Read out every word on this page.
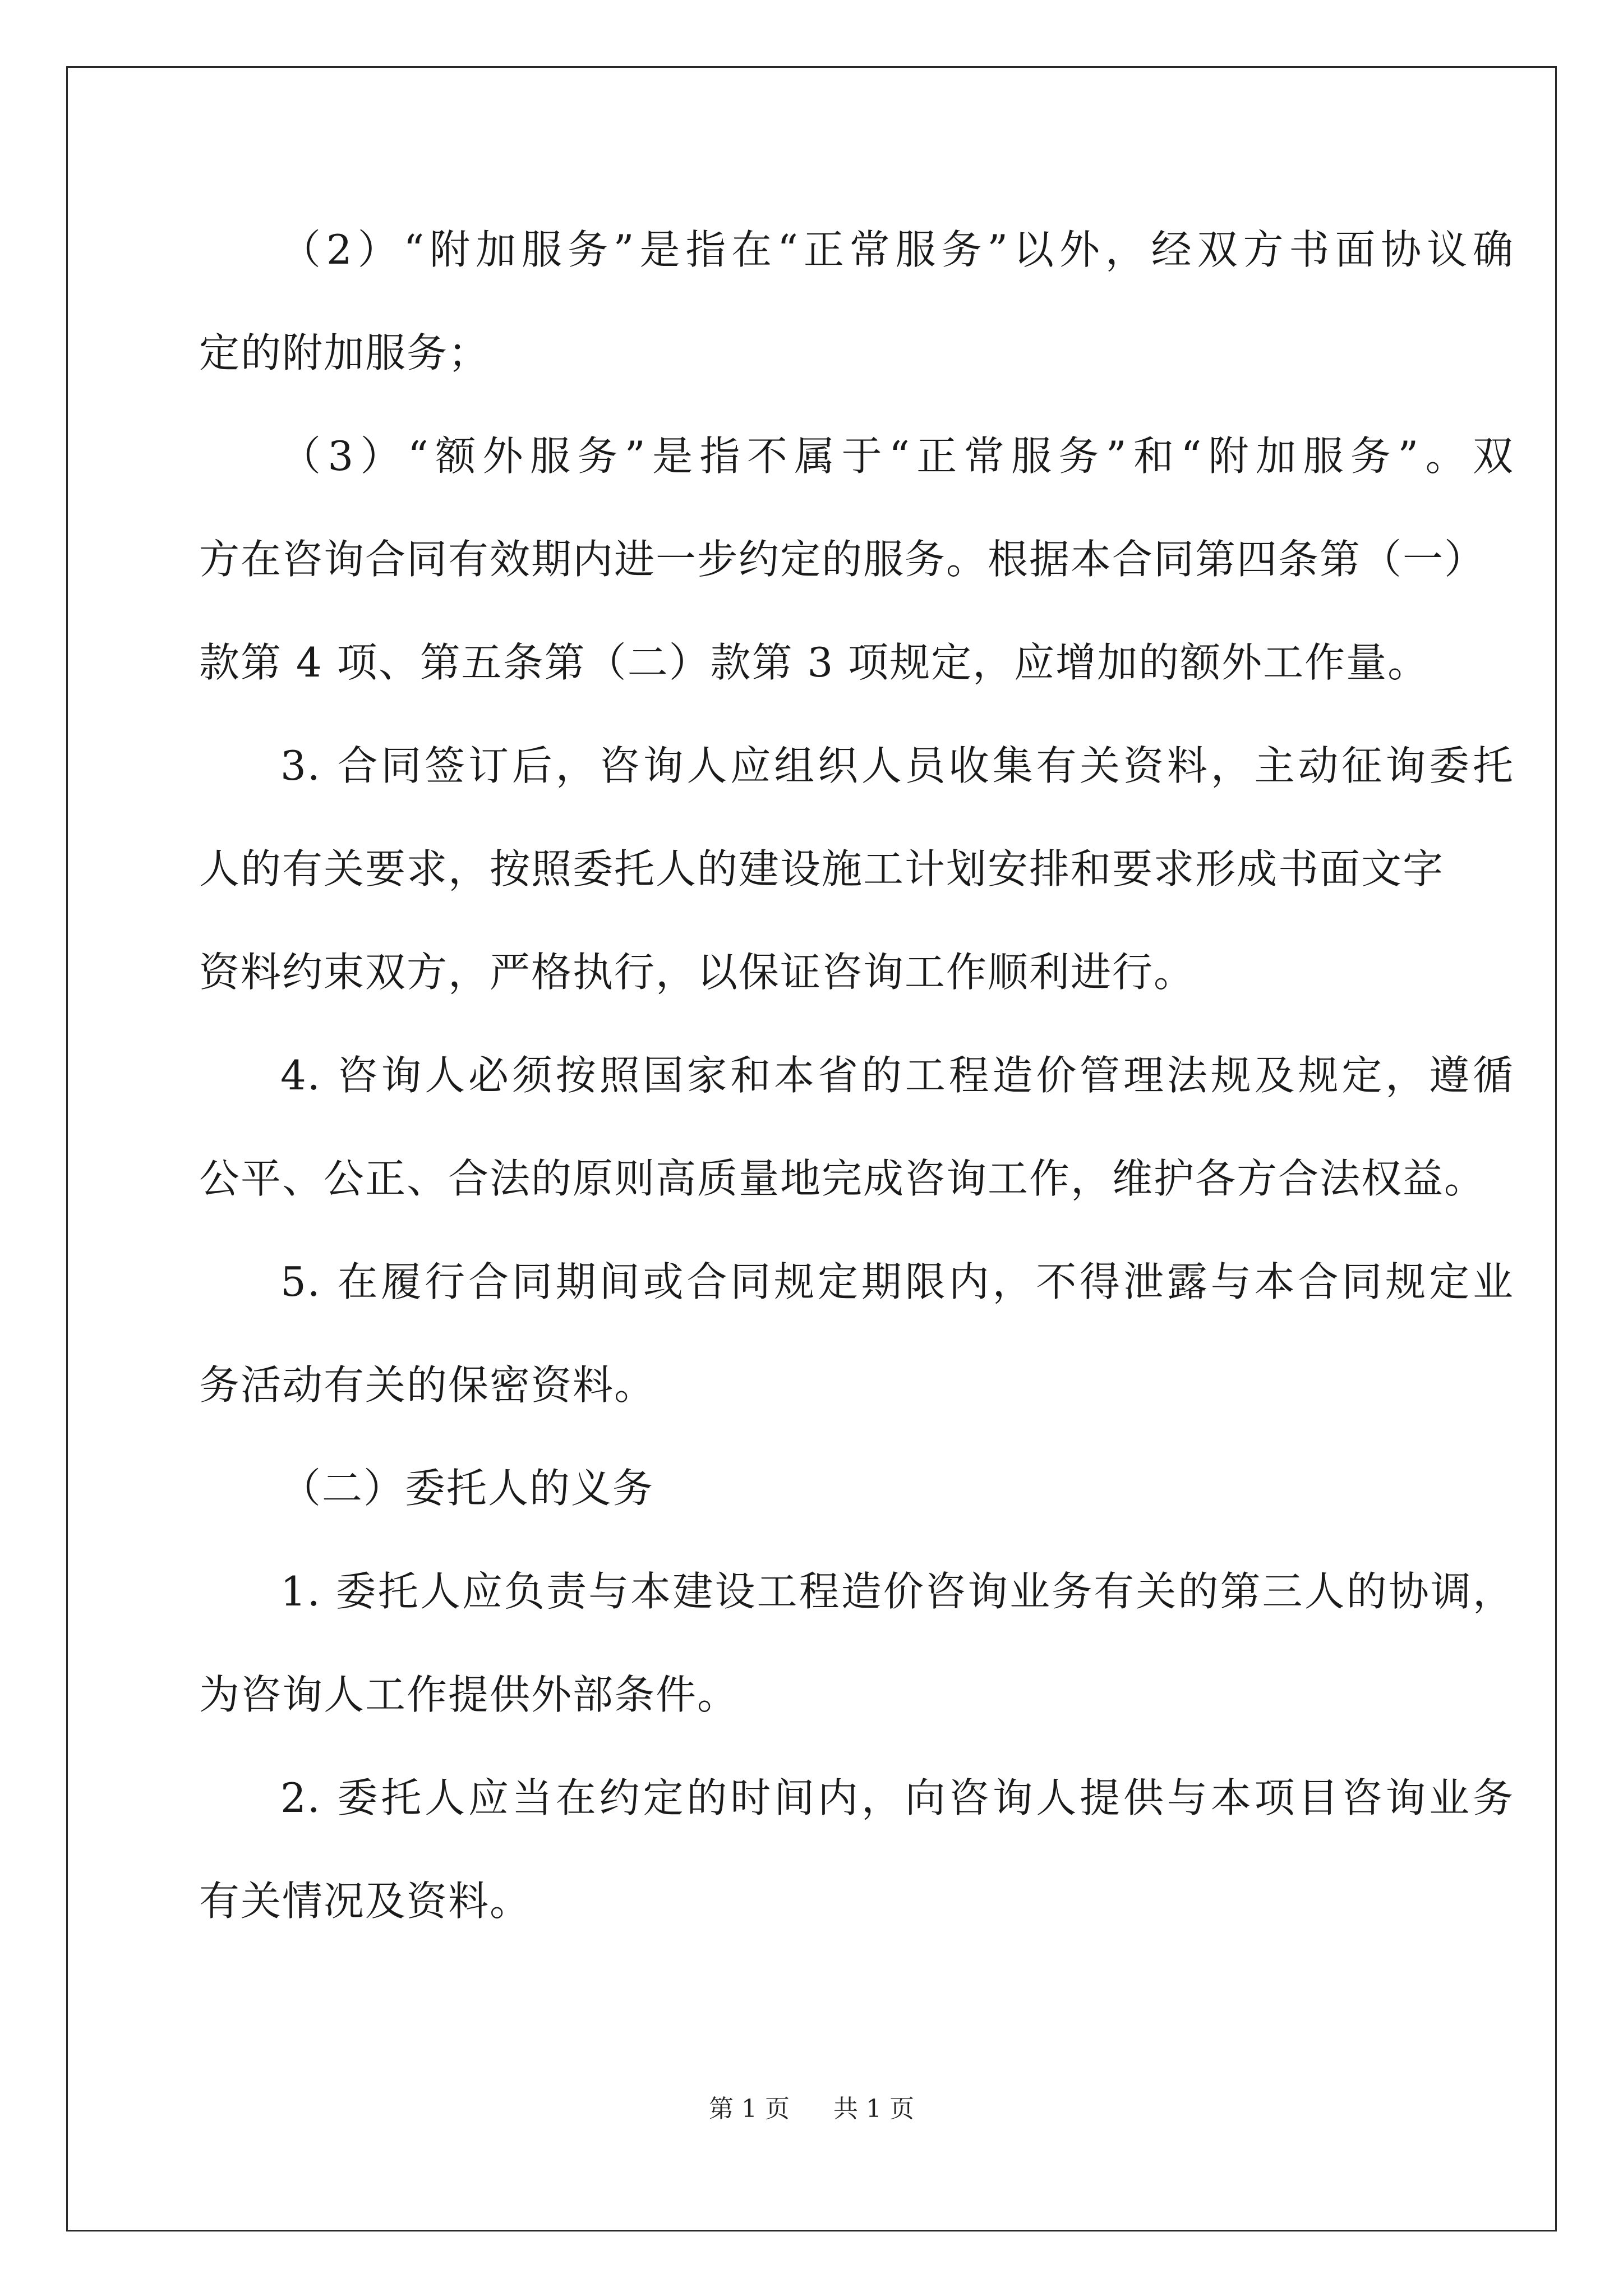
（2）“附加服务”是指在“正常服务”以外，经双方书面协议确
定的附加服务；
（3）“额外服务”是指不属于“正常服务”和“附加服务”。双
方在咨询合同有效期内进一步约定的服务。根据本合同第四条第（一）
款第 4 项、第五条第（二）款第 3 项规定，应增加的额外工作量。
3. 合同签订后，咨询人应组织人员收集有关资料，主动征询委托
人的有关要求，按照委托人的建设施工计划安排和要求形成书面文字
资料约束双方，严格执行，以保证咨询工作顺利进行。
4. 咨询人必须按照国家和本省的工程造价管理法规及规定，遵循
公平、公正、合法的原则高质量地完成咨询工作，维护各方合法权益。
5. 在履行合同期间或合同规定期限内，不得泄露与本合同规定业
务活动有关的保密资料。
（二）委托人的义务
1. 委托人应负责与本建设工程造价咨询业务有关的第三人的协调，
为咨询人工作提供外部条件。
2. 委托人应当在约定的时间内，向咨询人提供与本项目咨询业务
有关情况及资料。
第 1 页 共 1 页
